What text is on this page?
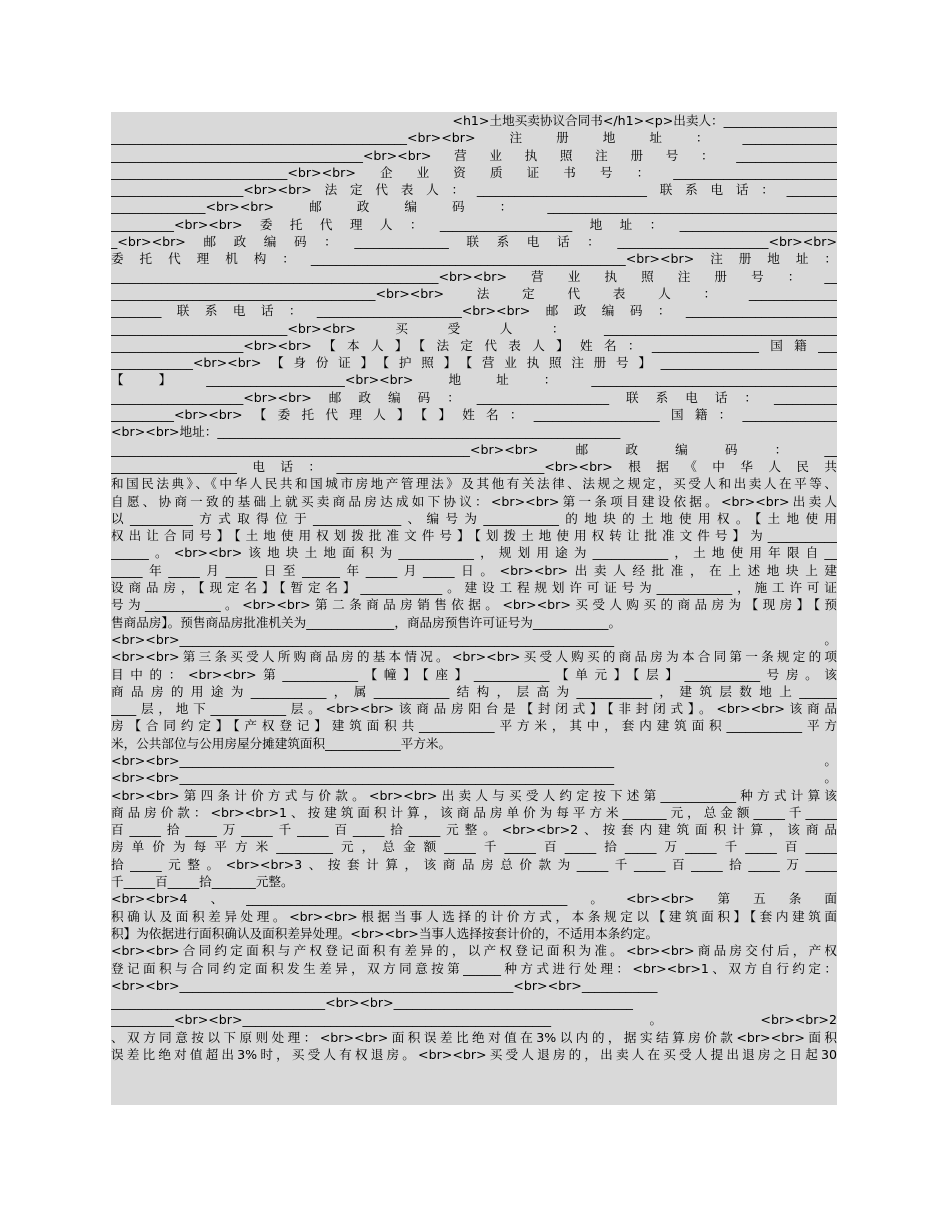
<h1>土地买卖协议合同书</h1><p>出卖人：__________________
_______________________________________________<br><br>注册地址：_______________
________________________________________<br><br>营业执照注册号：________________
____________________________<br><br>企业资质证书号：__________________________
_____________________<br><br>法定代表人：___________________________联系电话：________
_______________<br><br>邮政编码：______________________________________________
__________<br><br>委托代理人：_____________________地址：_________________________
_<br><br>邮政编码：_______________联系电话：________________________<br><br>
委托代理机构：__________________________________________________<br><br>注册地址：
____________________________________________________<br><br>营业执照注册号：__
__________________________________________<br><br>法定代表人：______________
________联系电话：_______________________<br><br>邮政编码：________________________
____________________________<br><br>买受人：_____________________________________
_____________________<br><br>【本人】【法定代表人】姓名：_________________国籍___
_____________<br><br>【身份证】【护照】【营业执照注册号】____________________________
【】______________________<br><br>地址：_______________________________________
_____________________<br><br>邮政编码：_____________________联系电话：__________
__________<br><br>【委托代理人】【】姓名：____________________国籍：_______________
<br><br>地址：________________________________________________________________
_________________________________________________________<br><br>邮政编码：__
____________________电话：_________________________________<br><br>根据《中华人民共
和国民法典》、《中华人民共和国城市房地产管理法》及其他有关法律、法规之规定，买受人和出卖人在平等、
自愿、协商一致的基础上就买卖商品房达成如下协议：<br><br>第一条项目建设依据。<br><br>出卖人
以__________方式取得位于______________、编号为____________的地块的土地使用权。【土地使用
权出让合同号】【土地使用权划拨批准文件号】【划拨土地使用权转让批准文件号】为___________
______。<br><br>该地块土地面积为____________，规划用途为____________，土地使用年限自__
_____年_____月_____日至______年_____月_____日。<br><br>出卖人经批准，在上述地块上建
设商品房，【现定名】【暂定名】_____________。建设工程规划许可证号为____________，施工许可证
号为____________。<br><br>第二条商品房销售依据。<br><br>买受人购买的商品房为【现房】【预
售商品房】。预售商品房批准机关为______________，商品房预售许可证号为____________。
<br><br>_____________________________________________________________________。
<br><br>第三条买受人所购商品房的基本情况。<br><br>买受人购买的商品房为本合同第一条规定的项
目中的：<br><br>第____________【幢】【座】____________【单元】【层】____________号房。该
商品房的用途为____________，属____________结构，层高为____________，建筑层数地上______
____层，地下____________层。<br><br>该商品房阳台是【封闭式】【非封闭式】。<br><br>该商品
房【合同约定】【产权登记】建筑面积共____________平方米，其中，套内建筑面积____________平方
米，公共部位与公用房屋分摊建筑面积____________平方米。
<br><br>_____________________________________________________________________。
<br><br>_____________________________________________________________________。
<br><br>第四条计价方式与价款。<br><br>出卖人与买受人约定按下述第____________种方式计算该
商品房价款：<br><br>1、按建筑面积计算，该商品房单价为每平方米_______元，总金额_____千_____
百_____拾_____万_____千_____百_____拾_____元整。<br><br>2、按套内建筑面积计算，该商品
房单价为每平方米_________元，总金额_____千_____百_____拾_____万_____千_____百_____
拾_____元整。<br><br>3、按套计算，该商品房总价款为_____千_____百_____拾_____万_____
千_____百_____拾_______元整。
<br><br>4、___________________________________________________。<br><br>第五条面
积确认及面积差异处理。<br><br>根据当事人选择的计价方式，本条规定以【建筑面积】【套内建筑面
积】为依据进行面积确认及面积差异处理。<br><br>当事人选择按套计价的，不适用本条约定。
<br><br>合同约定面积与产权登记面积有差异的，以产权登记面积为准。<br><br>商品房交付后，产权
登记面积与合同约定面积发生差异，双方同意按第______种方式进行处理：<br><br>1、双方自行约定：
<br><br>_____________________________________________________<br><br>____________
__________________________________<br><br>______________________________________
__________<br><br>_________________________________________________。<br><br>2
、双方同意按以下原则处理：<br><br>面积误差比绝对值在3%以内的，据实结算房价款<br><br>面积
误差比绝对值超出3%时，买受人有权退房。<br><br>买受人退房的，出卖人在买受人提出退房之日起30
